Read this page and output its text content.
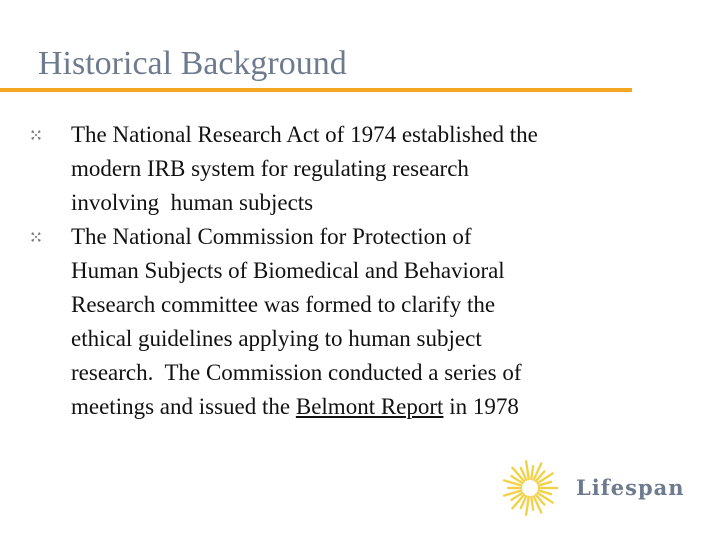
Historical Background
The National Research Act of 1974 established the
modern IRB system for regulating research
involving  human subjects
The National Commission for Protection of
Human Subjects of Biomedical and Behavioral
Research committee was formed to clarify the
ethical guidelines applying to human subject
research.  The Commission conducted a series of
meetings and issued the Belmont Report in 1978
Lifespan
